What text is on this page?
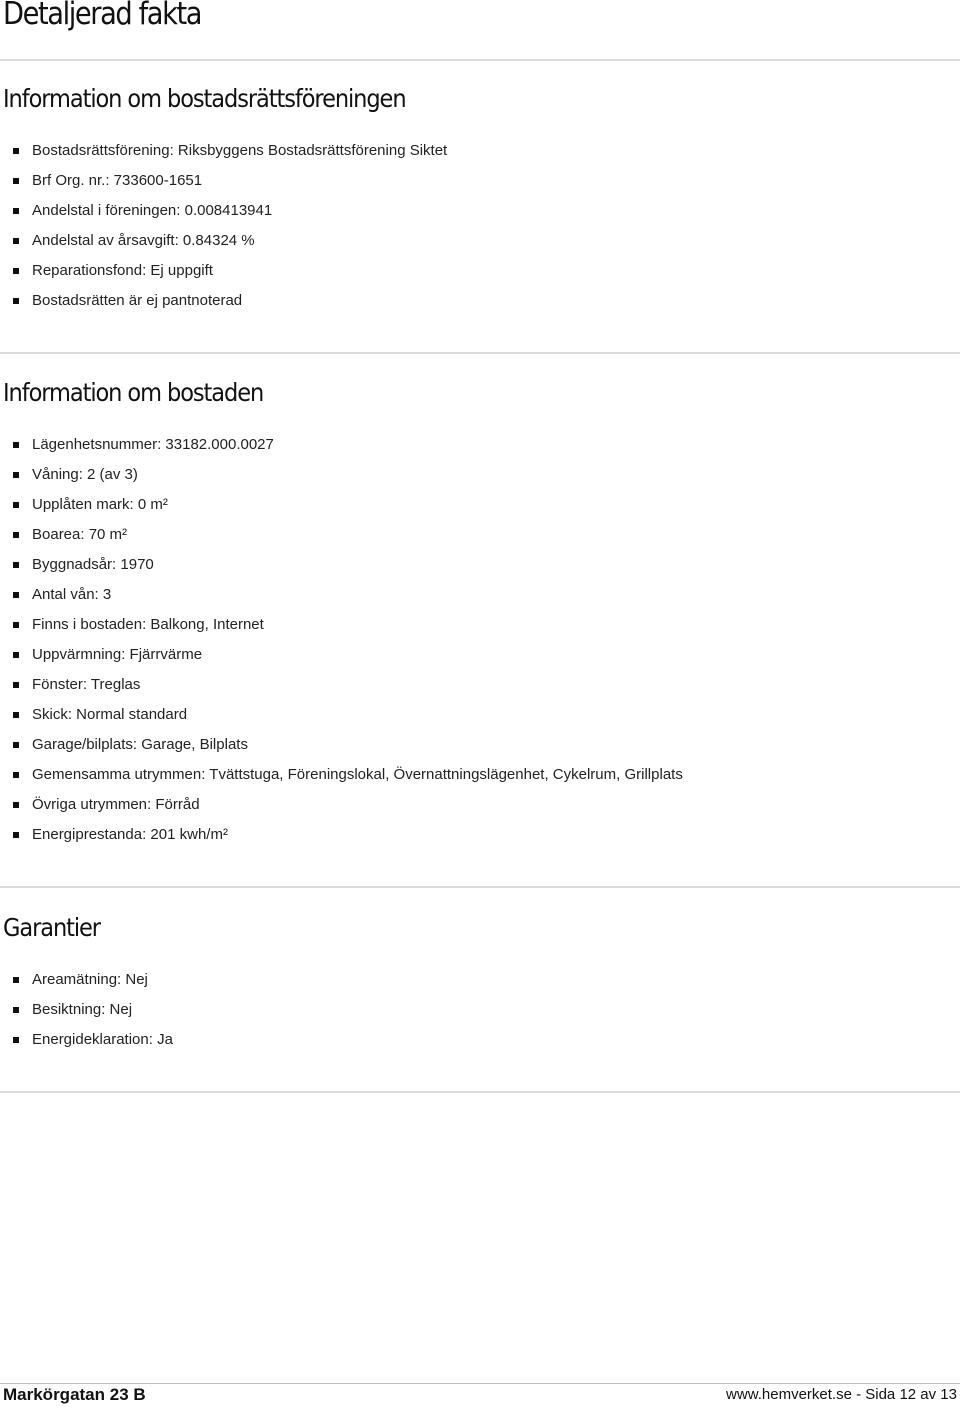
Detaljerad fakta
Information om bostadsrättsföreningen
Bostadsrättsförening: Riksbyggens Bostadsrättsförening Siktet
Brf Org. nr.: 733600-1651
Andelstal i föreningen: 0.008413941
Andelstal av årsavgift: 0.84324 %
Reparationsfond: Ej uppgift
Bostadsrätten är ej pantnoterad
Information om bostaden
Lägenhetsnummer: 33182.000.0027
Våning: 2 (av 3)
Upplåten mark: 0 m²
Boarea: 70 m²
Byggnadsår: 1970
Antal vån: 3
Finns i bostaden: Balkong, Internet
Uppvärmning: Fjärrvärme
Fönster: Treglas
Skick: Normal standard
Garage/bilplats: Garage, Bilplats
Gemensamma utrymmen: Tvättstuga, Föreningslokal, Övernattningslägenhet, Cykelrum, Grillplats
Övriga utrymmen: Förråd
Energiprestanda: 201 kwh/m²
Garantier
Areamätning: Nej
Besiktning: Nej
Energideklaration: Ja
Markörgatan 23 B	www.hemverket.se - Sida 12 av 13
